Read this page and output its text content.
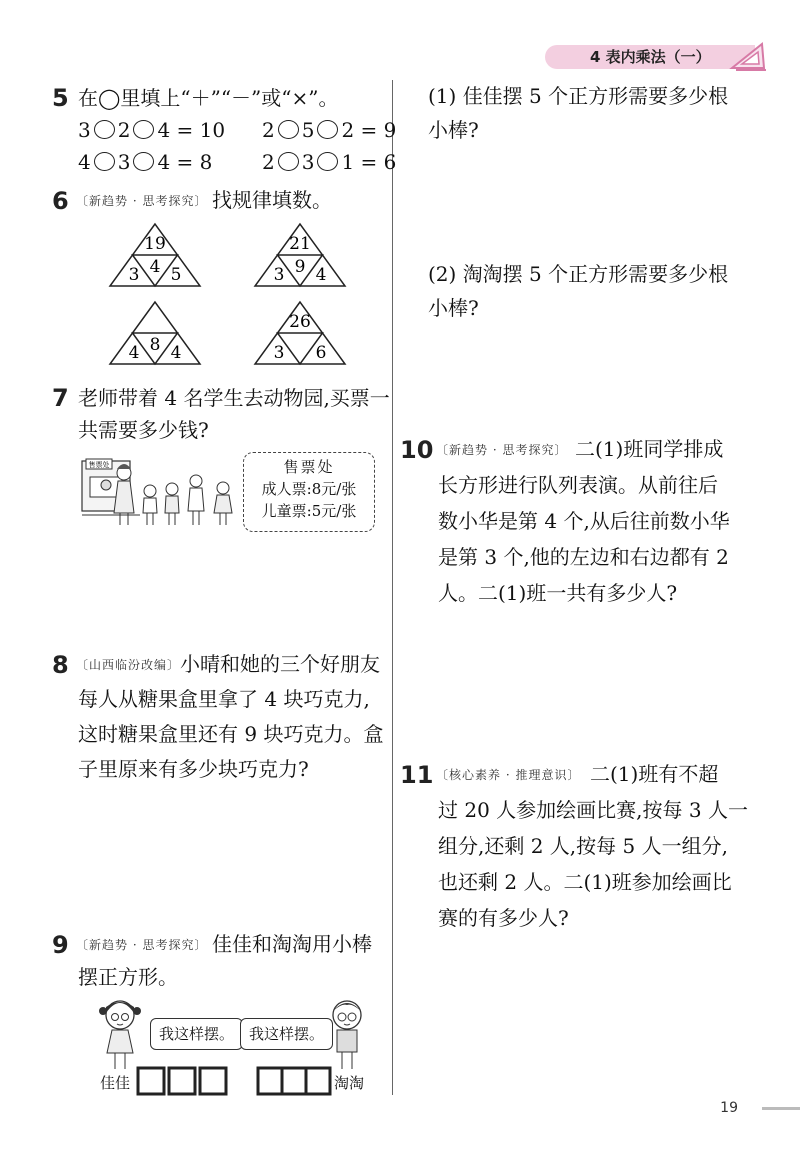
4 表内乘法（一）
5 在◯里填上“＋”“－”或“×”。
3 2 4 = 10 2 5 2 = 9
4 3 4 = 8 2 3 1 = 6
6 〔新趋势 · 思考探究〕 找规律填数。
19
3 4 5
21
3 9 4
4 8 4
26
3 6
7 老师带着 4 名学生去动物园,买票一
共需要多少钱?
售票处	售票处
成人票:8元/张
儿童票:5元/张
8 〔山西临汾改编〕 小晴和她的三个好朋友
每人从糖果盒里拿了 4 块巧克力,
这时糖果盒里还有 9 块巧克力。盒
子里原来有多少块巧克力?
9 〔新趋势 · 思考探究〕 佳佳和淘淘用小棒
摆正方形。
我这样摆。 我这样摆。
佳佳	淘淘
(1) 佳佳摆 5 个正方形需要多少根
小棒?
(2) 淘淘摆 5 个正方形需要多少根
小棒?
10 〔新趋势 · 思考探究〕 二(1)班同学排成
长方形进行队列表演。从前往后
数小华是第 4 个,从后往前数小华
是第 3 个,他的左边和右边都有 2
人。二(1)班一共有多少人?
11 〔核心素养 · 推理意识〕 二(1)班有不超
过 20 人参加绘画比赛,按每 3 人一
组分,还剩 2 人,按每 5 人一组分,
也还剩 2 人。二(1)班参加绘画比
赛的有多少人?
19
